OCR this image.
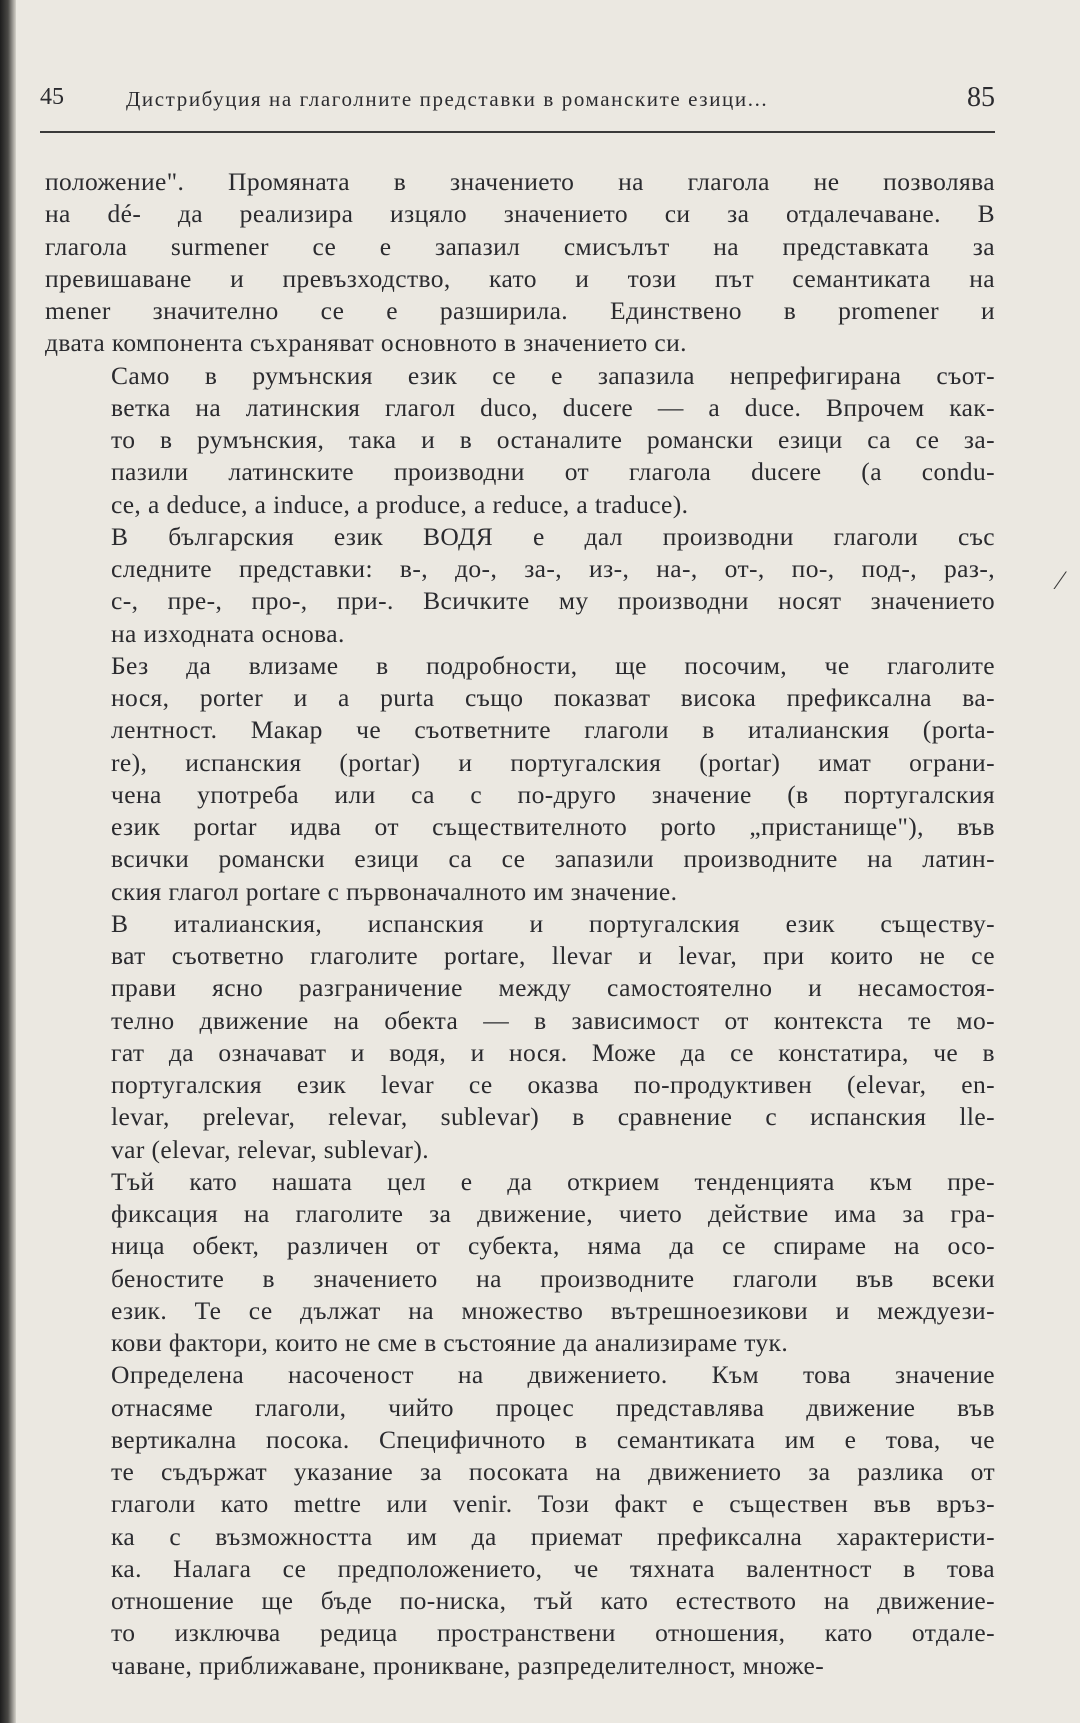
45	Дистрибуция на глаголните представки в романските езици...	85

положение". Промяната в значението на глагола не позволява
на dé- да реализира изцяло значението си за отдалечаване. В
глагола surmener се е запазил смисълът на представката за
превишаване и превъзходство, като и този път семантиката на
mener значително се е разширила. Единствено в promener и
двата компонента съхраняват основното в значението си.

Само в румънския език се е запазила непрефигирана съот-
ветка на латинския глагол duco, ducere — a duce. Впрочем как-
то в румънския, така и в останалите романски езици са се за-
пазили латинските производни от глагола ducere (a condu-
ce, a deduce, a induce, a produce, a reduce, a traduce).

В българския език ВОДЯ е дал производни глаголи със
следните представки: в-, до-, за-, из-, на-, от-, по-, под-, раз-,
с-, пре-, про-, при-. Всичките му производни носят значението
на изходната основа.

Без да влизаме в подробности, ще посочим, че глаголите
нося, porter и a purta също показват висока префиксална ва-
лентност. Макар че съответните глаголи в италианския (porta-
re), испанския (portar) и португалския (portar) имат ограни-
чена употреба или са с по-друго значение (в португалския
език portar идва от съществителното porto „пристанище"), във
всички романски езици са се запазили производните на латин-
ския глагол portare с първоначалното им значение.

В италианския, испанския и португалския език съществу-
ват съответно глаголите portare, llevar и levar, при които не се
прави ясно разграничение между самостоятелно и несамостоя-
телно движение на обекта — в зависимост от контекста те мо-
гат да означават и водя, и нося. Може да се констатира, че в
португалския език levar се оказва по-продуктивен (elevar, en-
levar, prelevar, relevar, sublevar) в сравнение с испанския lle-
var (elevar, relevar, sublevar).

Тъй като нашата цел е да открием тенденцията към пре-
фиксация на глаголите за движение, чието действие има за гра-
ница обект, различен от субекта, няма да се спираме на осо-
беностите в значението на производните глаголи във всеки
език. Те се дължат на множество вътрешноезикови и междуези-
кови фактори, които не сме в състояние да анализираме тук.

Определена насоченост на движението. Към това значение
отнасяме глаголи, чийто процес представлява движение във
вертикална посока. Специфичното в семантиката им е това, че
те съдържат указание за посоката на движението за разлика от
глаголи като mettre или venir. Този факт е съществен във връз-
ка с възможността им да приемат префиксална характеристи-
ка. Налага се предположението, че тяхната валентност в това
отношение ще бъде по-ниска, тъй като естеството на движение-
то изключва редица пространствени отношения, като отдале-
чаване, приближаване, проникване, разпределителност, множе-

⁄
